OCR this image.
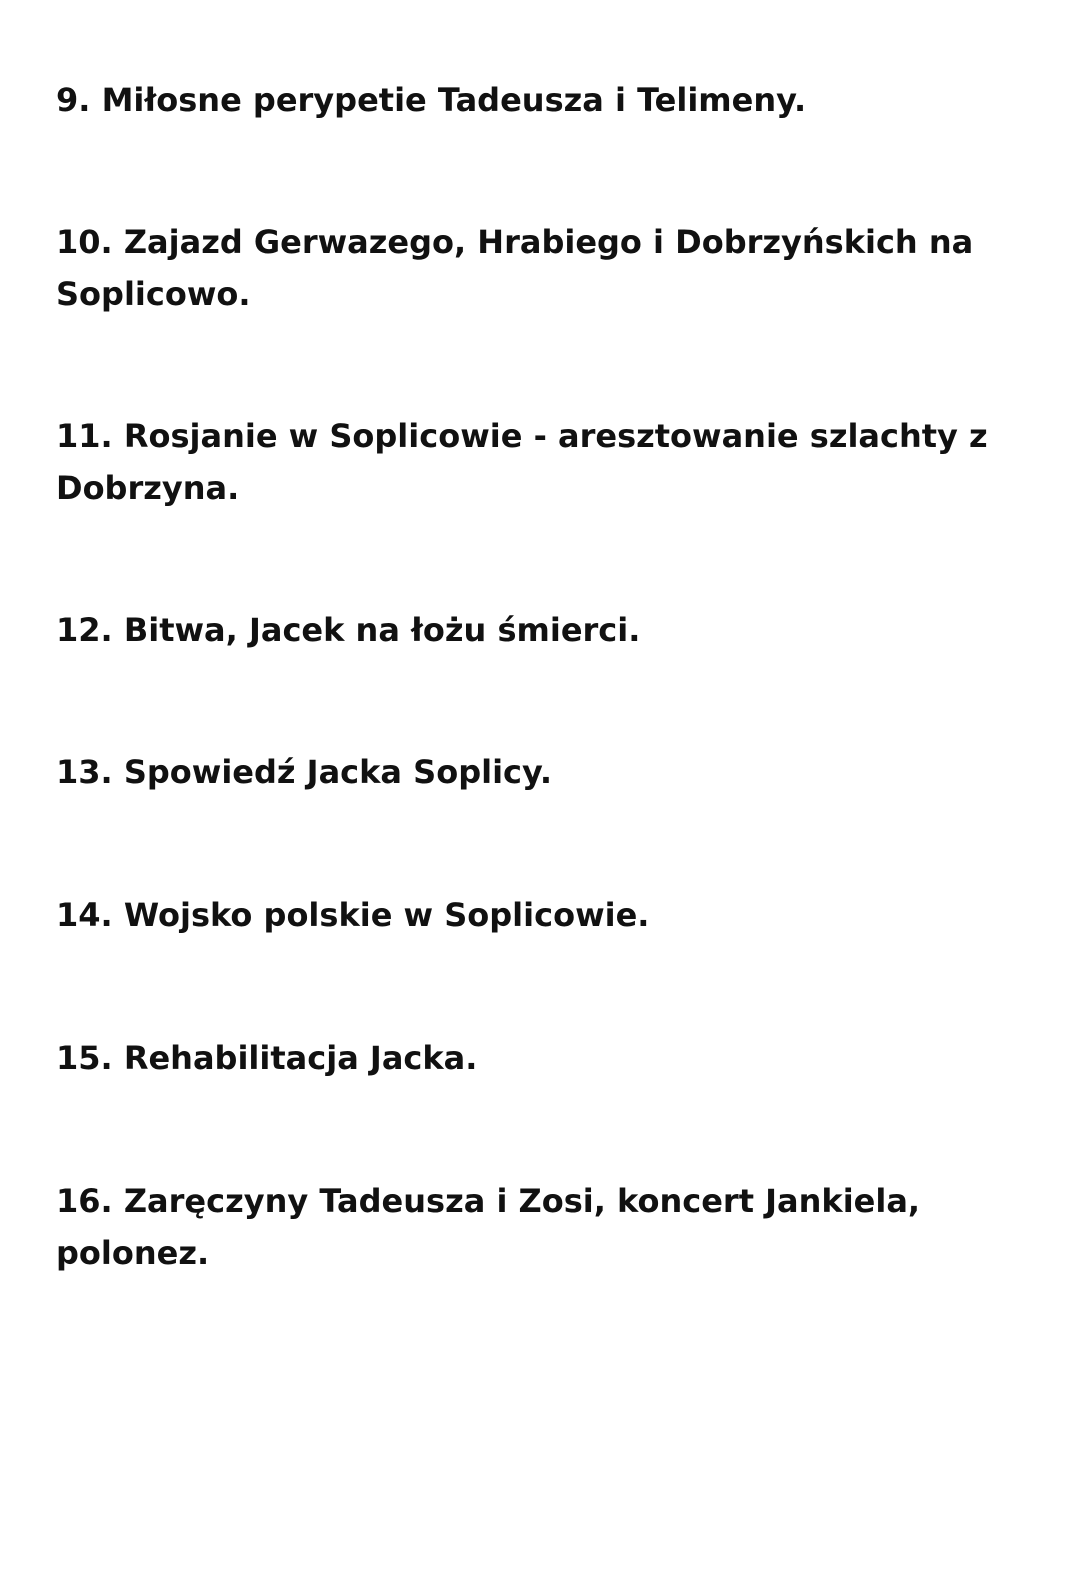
9. Miłosne perypetie Tadeusza i Telimeny.

10. Zajazd Gerwazego, Hrabiego i Dobrzyńskich na Soplicowo.

11. Rosjanie w Soplicowie - aresztowanie szlachty z Dobrzyna.

12. Bitwa, Jacek na łożu śmierci.

13. Spowiedź Jacka Soplicy.

14. Wojsko polskie w Soplicowie.

15. Rehabilitacja Jacka.

16. Zaręczyny Tadeusza i Zosi, koncert Jankiela, polonez.
